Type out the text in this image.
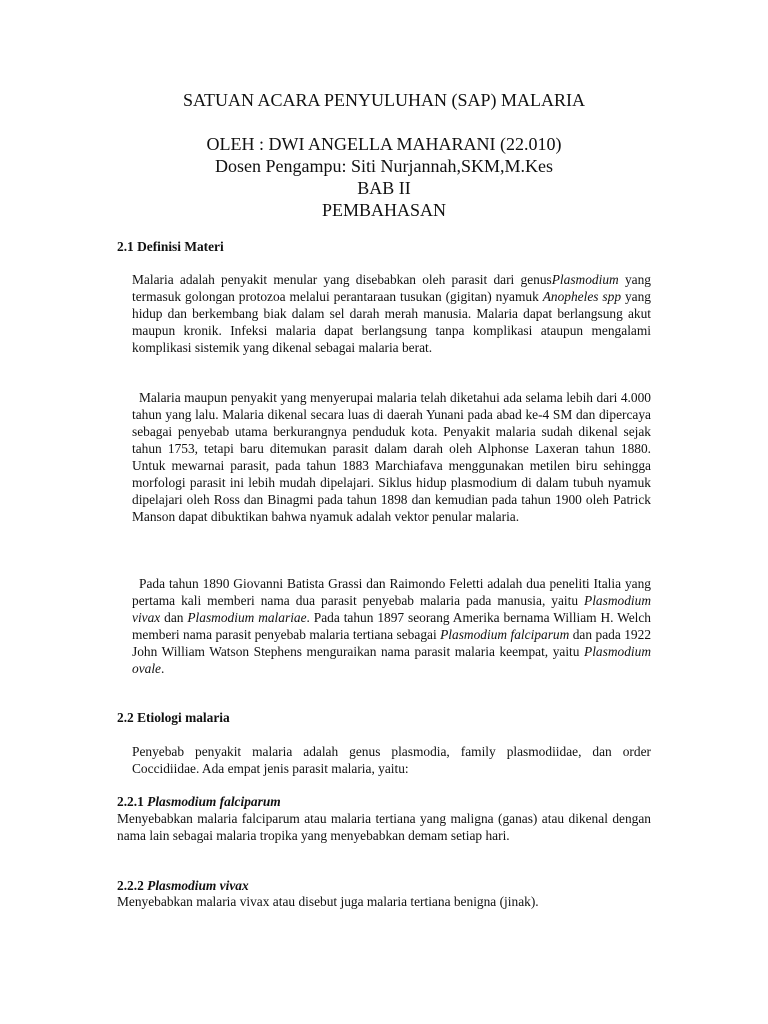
SATUAN ACARA PENYULUHAN (SAP) MALARIA
OLEH : DWI ANGELLA MAHARANI (22.010)
Dosen Pengampu: Siti Nurjannah,SKM,M.Kes
BAB II
PEMBAHASAN
2.1 Definisi Materi
Malaria adalah penyakit menular yang disebabkan oleh parasit dari genusPlasmodium yang termasuk golongan protozoa melalui perantaraan tusukan (gigitan) nyamuk Anopheles spp yang hidup dan berkembang biak dalam sel darah merah manusia. Malaria dapat berlangsung akut maupun kronik. Infeksi malaria dapat berlangsung tanpa komplikasi ataupun mengalami komplikasi sistemik yang dikenal sebagai malaria berat.
Malaria maupun penyakit yang menyerupai malaria telah diketahui ada selama lebih dari 4.000 tahun yang lalu. Malaria dikenal secara luas di daerah Yunani pada abad ke-4 SM dan dipercaya sebagai penyebab utama berkurangnya penduduk kota. Penyakit malaria sudah dikenal sejak tahun 1753, tetapi baru ditemukan parasit dalam darah oleh Alphonse Laxeran tahun 1880. Untuk mewarnai parasit, pada tahun 1883 Marchiafava menggunakan metilen biru sehingga morfologi parasit ini lebih mudah dipelajari. Siklus hidup plasmodium di dalam tubuh nyamuk dipelajari oleh Ross dan Binagmi pada tahun 1898 dan kemudian pada tahun 1900 oleh Patrick Manson dapat dibuktikan bahwa nyamuk adalah vektor penular malaria.
Pada tahun 1890 Giovanni Batista Grassi dan Raimondo Feletti adalah dua peneliti Italia yang pertama kali memberi nama dua parasit penyebab malaria pada manusia, yaitu Plasmodium vivax dan Plasmodium malariae. Pada tahun 1897 seorang Amerika bernama William H. Welch memberi nama parasit penyebab malaria tertiana sebagai Plasmodium falciparum dan pada 1922 John William Watson Stephens menguraikan nama parasit malaria keempat, yaitu Plasmodium ovale.
2.2 Etiologi malaria
Penyebab penyakit malaria adalah genus plasmodia, family plasmodiidae, dan order Coccidiidae. Ada empat jenis parasit malaria, yaitu:
2.2.1 Plasmodium falciparum
Menyebabkan malaria falciparum atau malaria tertiana yang maligna (ganas) atau dikenal dengan nama lain sebagai malaria tropika yang menyebabkan demam setiap hari.
2.2.2 Plasmodium vivax
Menyebabkan malaria vivax atau disebut juga malaria tertiana benigna (jinak).
